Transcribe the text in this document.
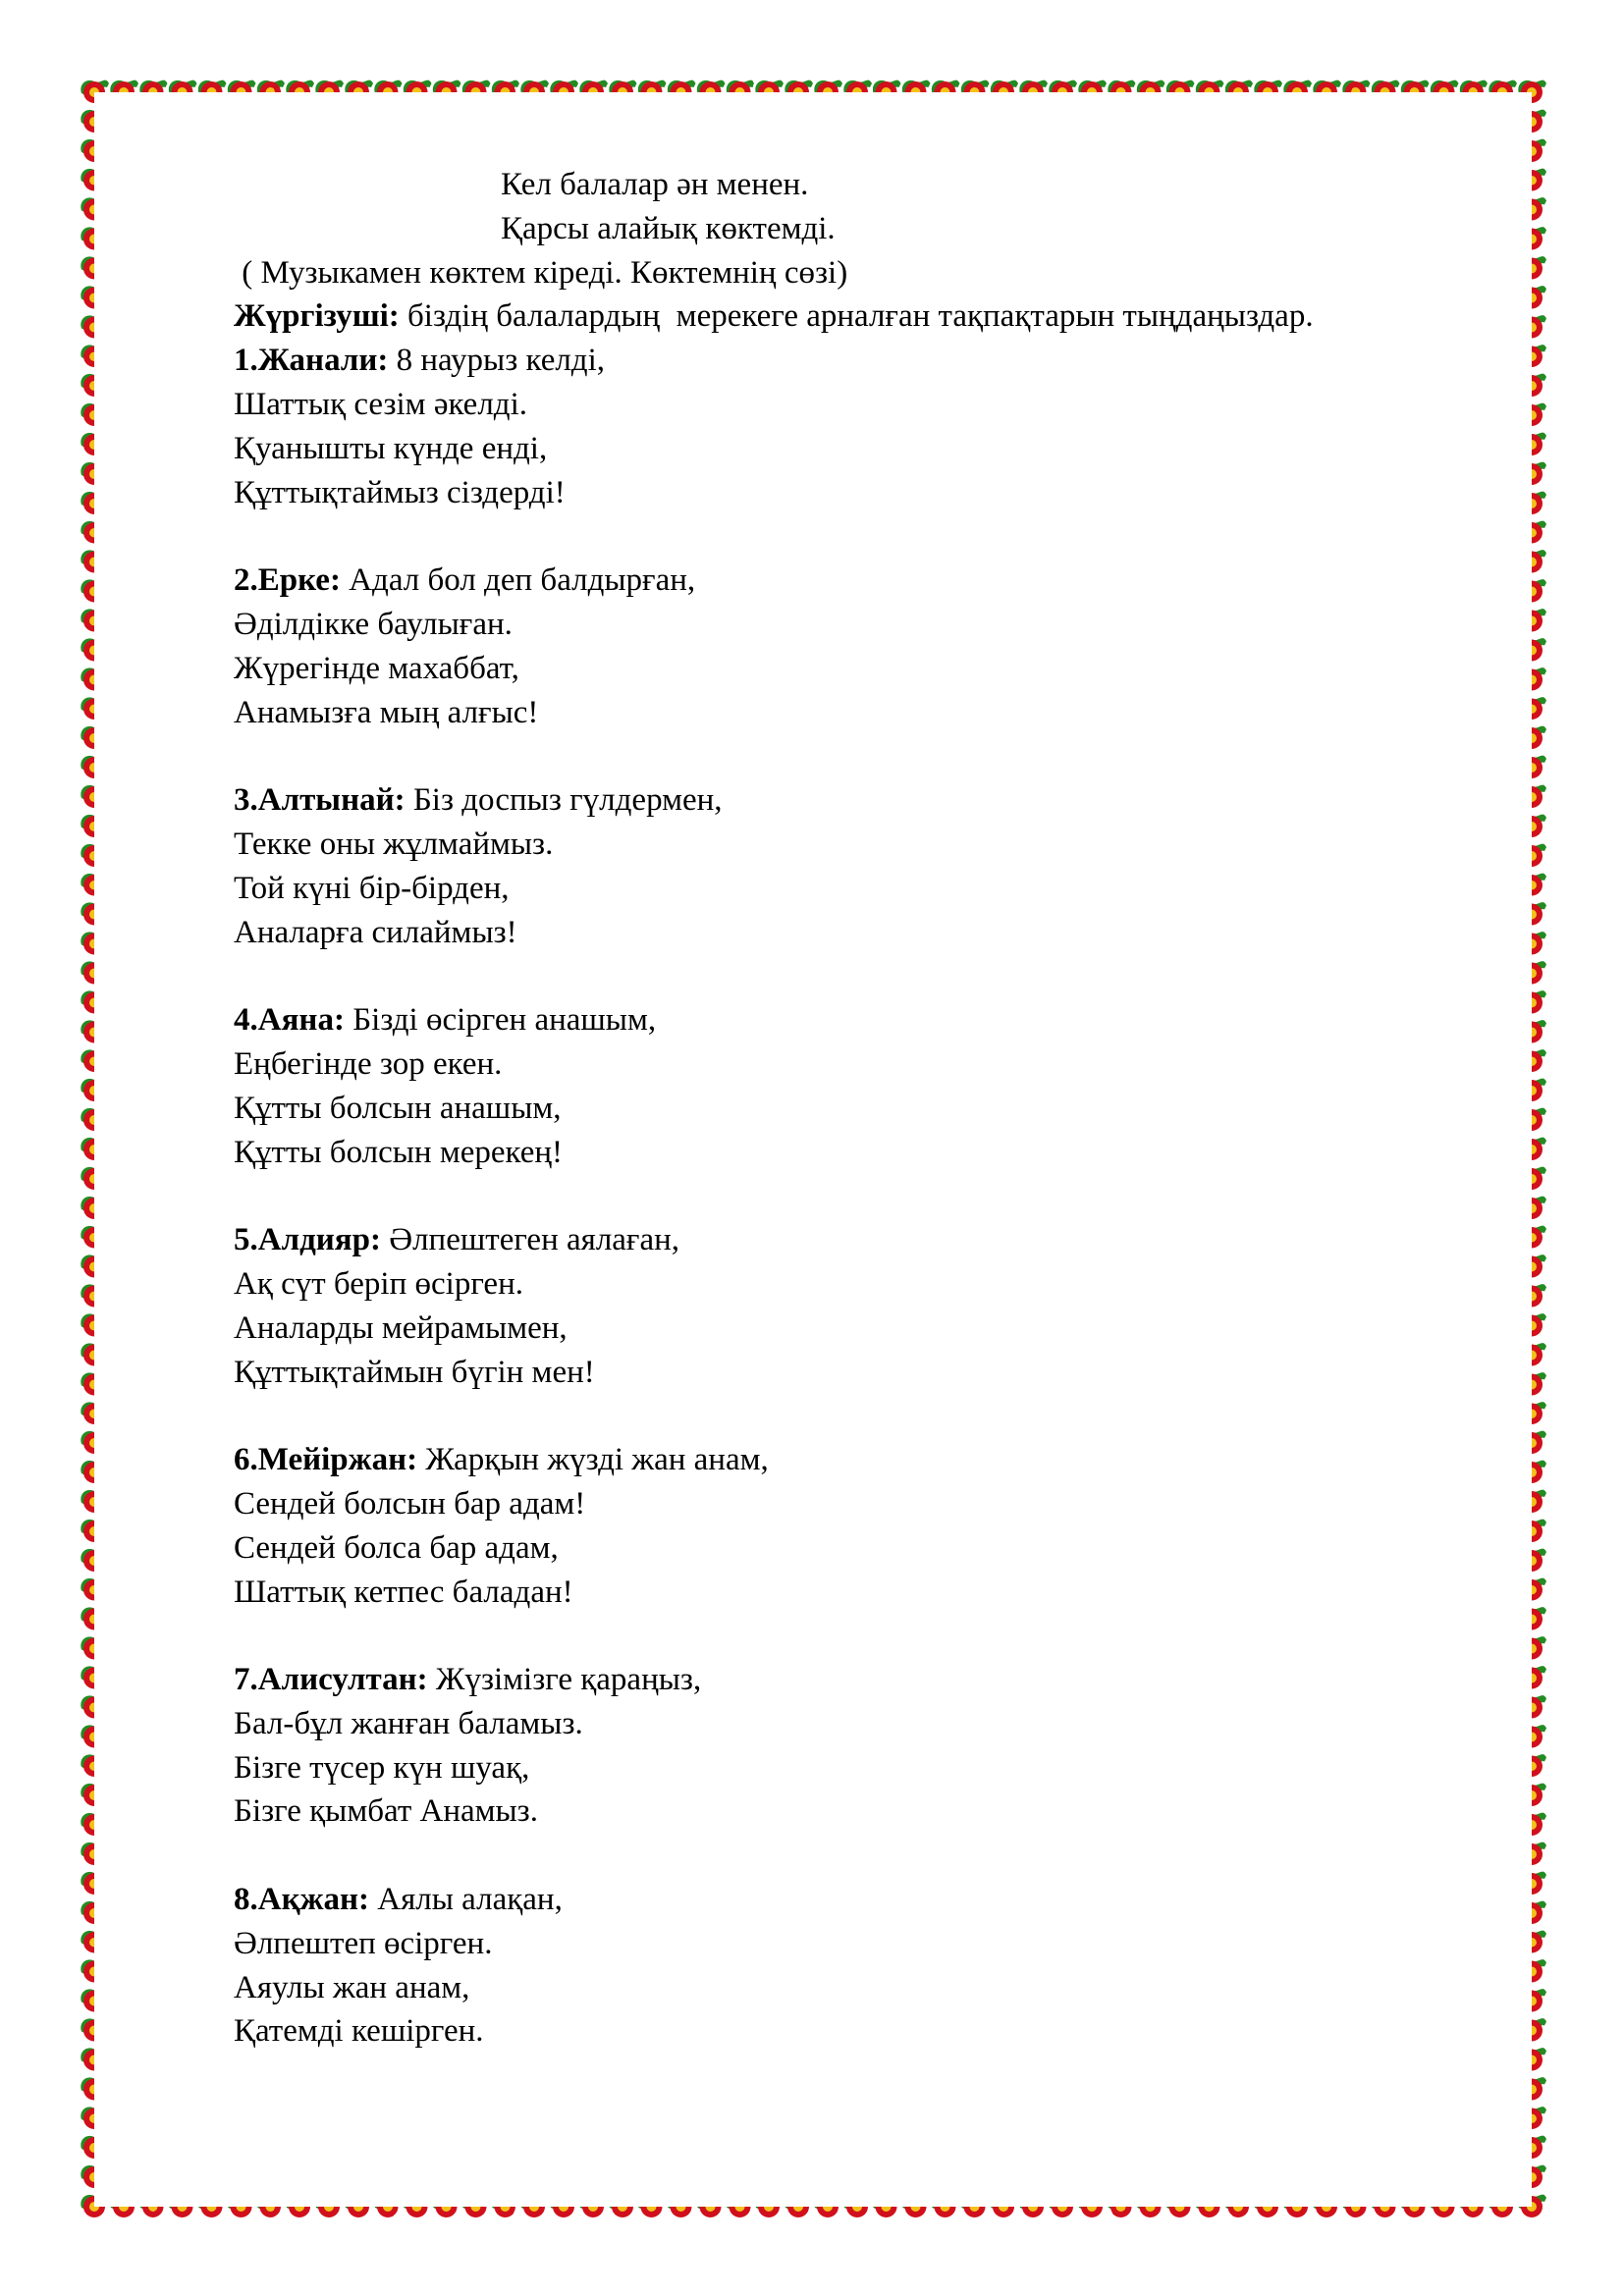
Кел балалар ән менен.

Қарсы алайық көктемді.

( Музыкамен көктем кіреді. Көктемнің сөзі)

Жүргізуші: біздің балалардың  мерекеге арналған тақпақтарын тыңдаңыздар.

1.Жанали: 8 наурыз келді,

Шаттық сезім әкелді.

Қуанышты күнде енді,

Құттықтаймыз сіздерді!

2.Ерке: Адал бол деп балдырған,

Әділдікке баулыған.

Жүрегінде махаббат,

Анамызға мың алғыс!

3.Алтынай: Біз доспыз гүлдермен,

Текке оны жұлмаймыз.

Той күні бір-бірден,

Аналарға силаймыз!

4.Аяна: Бізді өсірген анашым,

Еңбегінде зор екен.

Құтты болсын анашым,

Құтты болсын мерекең!

5.Алдияр: Әлпештеген аялаған,

Ақ сүт беріп өсірген.

Аналарды мейрамымен,

Құттықтаймын бүгін мен!

6.Мейіржан: Жарқын жүзді жан анам,

Сендей болсын бар адам!

Сендей болса бар адам,

Шаттық кетпес баладан!

7.Алисултан: Жүзімізге қараңыз,

Бал-бұл жанған баламыз.

Бізге түсер күн шуақ,

Бізге қымбат Анамыз.

8.Ақжан: Аялы алақан,

Әлпештеп өсірген.

Аяулы жан анам,

Қатемді кешірген.
